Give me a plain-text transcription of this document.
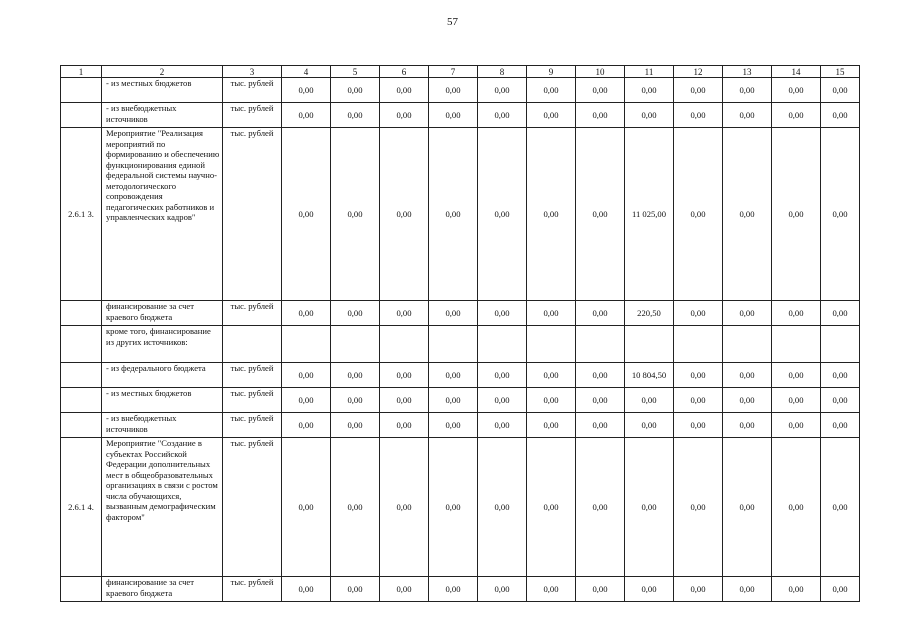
57
1	2	3	4	5	6	7	8	9	10	11	12	13	14	15
	- из местных бюджетов	тыс. рублей	0,00	0,00	0,00	0,00	0,00	0,00	0,00	0,00	0,00	0,00	0,00	0,00
	- из внебюджетных источников	тыс. рублей	0,00	0,00	0,00	0,00	0,00	0,00	0,00	0,00	0,00	0,00	0,00	0,00
2.6.1 3.	Мероприятие "Реализация мероприятий по формированию и обеспечению функционирования единой федеральной системы научно-методологического сопровождения педагогических работников и управленческих кадров"	тыс. рублей	0,00	0,00	0,00	0,00	0,00	0,00	0,00	11 025,00	0,00	0,00	0,00	0,00
	финансирование за счет краевого бюджета	тыс. рублей	0,00	0,00	0,00	0,00	0,00	0,00	0,00	220,50	0,00	0,00	0,00	0,00
	кроме того, финансирование из других источников:													
	- из федерального бюджета	тыс. рублей	0,00	0,00	0,00	0,00	0,00	0,00	0,00	10 804,50	0,00	0,00	0,00	0,00
	- из местных бюджетов	тыс. рублей	0,00	0,00	0,00	0,00	0,00	0,00	0,00	0,00	0,00	0,00	0,00	0,00
	- из внебюджетных источников	тыс. рублей	0,00	0,00	0,00	0,00	0,00	0,00	0,00	0,00	0,00	0,00	0,00	0,00
2.6.1 4.	Мероприятие "Создание в субъектах Российской Федерации дополнительных мест в общеобразовательных организациях в связи с ростом числа обучающихся, вызванным демографическим фактором"	тыс. рублей	0,00	0,00	0,00	0,00	0,00	0,00	0,00	0,00	0,00	0,00	0,00	0,00
	финансирование за счет краевого бюджета	тыс. рублей	0,00	0,00	0,00	0,00	0,00	0,00	0,00	0,00	0,00	0,00	0,00	0,00
